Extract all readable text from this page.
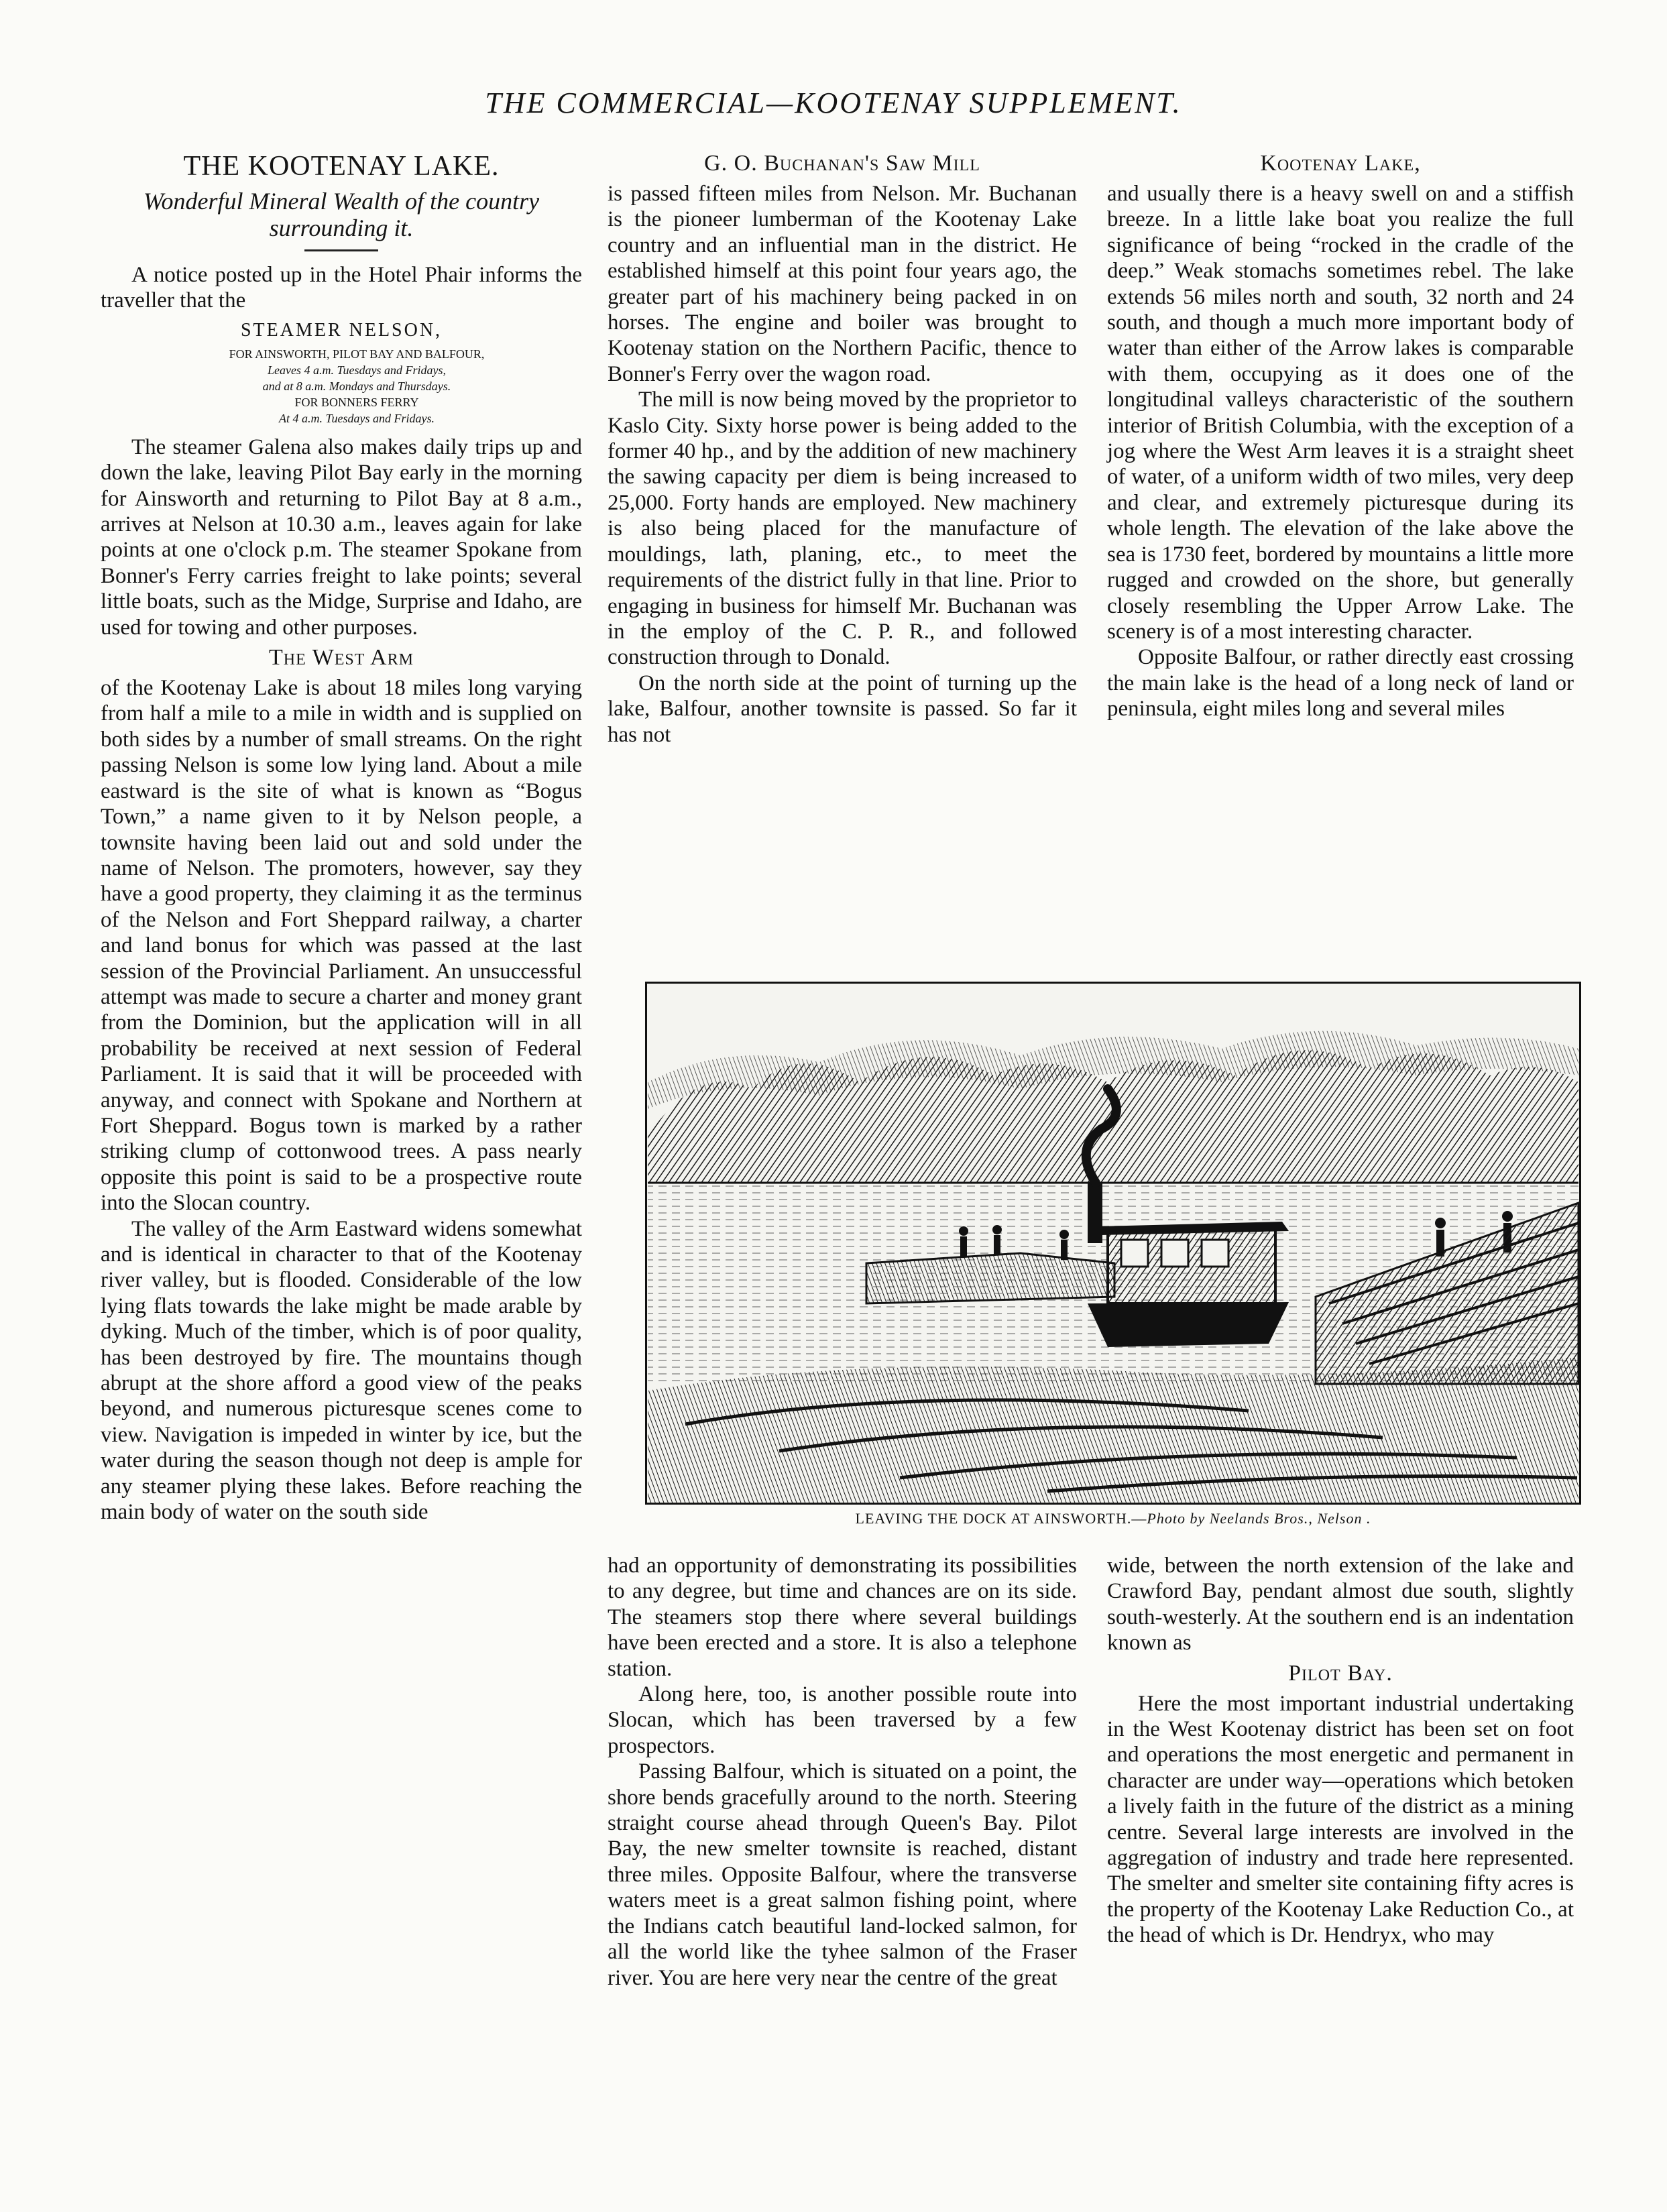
THE COMMERCIAL—KOOTENAY SUPPLEMENT.
THE KOOTENAY LAKE.
Wonderful Mineral Wealth of the country surrounding it.

A notice posted up in the Hotel Phair informs the traveller that the

STEAMER NELSON,

FOR AINSWORTH, PILOT BAY AND BALFOUR,

Leaves 4 a.m. Tuesdays and Fridays,

and at 8 a.m. Mondays and Thursdays.

FOR BONNERS FERRY

At 4 a.m. Tuesdays and Fridays.

The steamer Galena also makes daily trips up and down the lake, leaving Pilot Bay early in the morning for Ainsworth and returning to Pilot Bay at 8 a.m., arrives at Nelson at 10.30 a.m., leaves again for lake points at one o'clock p.m. The steamer Spokane from Bonner's Ferry carries freight to lake points; several little boats, such as the Midge, Surprise and Idaho, are used for towing and other purposes.

The West Arm

of the Kootenay Lake is about 18 miles long varying from half a mile to a mile in width and is supplied on both sides by a number of small streams. On the right passing Nelson is some low lying land. About a mile eastward is the site of what is known as “Bogus Town,” a name given to it by Nelson people, a townsite having been laid out and sold under the name of Nelson. The promoters, however, say they have a good property, they claiming it as the terminus of the Nelson and Fort Sheppard railway, a charter and land bonus for which was passed at the last session of the Provincial Parliament. An unsuccessful attempt was made to secure a charter and money grant from the Dominion, but the application will in all probability be received at next session of Federal Parliament. It is said that it will be proceeded with anyway, and connect with Spokane and Northern at Fort Sheppard. Bogus town is marked by a rather striking clump of cottonwood trees. A pass nearly opposite this point is said to be a prospective route into the Slocan country.

The valley of the Arm Eastward widens somewhat and is identical in character to that of the Kootenay river valley, but is flooded. Considerable of the low lying flats towards the lake might be made arable by dyking. Much of the timber, which is of poor quality, has been destroyed by fire. The mountains though abrupt at the shore afford a good view of the peaks beyond, and numerous picturesque scenes come to view. Navigation is impeded in winter by ice, but the water during the season though not deep is ample for any steamer plying these lakes. Before reaching the main body of water on the south side

G. O. Buchanan's Saw Mill

is passed fifteen miles from Nelson. Mr. Buchanan is the pioneer lumberman of the Kootenay Lake country and an influential man in the district. He established himself at this point four years ago, the greater part of his machinery being packed in on horses. The engine and boiler was brought to Kootenay station on the Northern Pacific, thence to Bonner's Ferry over the wagon road.

The mill is now being moved by the proprietor to Kaslo City. Sixty horse power is being added to the former 40 hp., and by the addition of new machinery the sawing capacity per diem is being increased to 25,000. Forty hands are employed. New machinery is also being placed for the manufacture of mouldings, lath, planing, etc., to meet the requirements of the district fully in that line. Prior to engaging in business for himself Mr. Buchanan was in the employ of the C. P. R., and followed construction through to Donald.

On the north side at the point of turning up the lake, Balfour, another townsite is passed. So far it has not

Kootenay Lake,

and usually there is a heavy swell on and a stiffish breeze. In a little lake boat you realize the full significance of being “rocked in the cradle of the deep.” Weak stomachs sometimes rebel. The lake extends 56 miles north and south, 32 north and 24 south, and though a much more important body of water than either of the Arrow lakes is comparable with them, occupying as it does one of the longitudinal valleys characteristic of the southern interior of British Columbia, with the exception of a jog where the West Arm leaves it is a straight sheet of water, of a uniform width of two miles, very deep and clear, and extremely picturesque during its whole length. The elevation of the lake above the sea is 1730 feet, bordered by mountains a little more rugged and crowded on the shore, but generally closely resembling the Upper Arrow Lake. The scenery is of a most interesting character.

Opposite Balfour, or rather directly east crossing the main lake is the head of a long neck of land or peninsula, eight miles long and several miles

LEAVING THE DOCK AT AINSWORTH.—Photo by Neelands Bros., Nelson .

had an opportunity of demonstrating its possibilities to any degree, but time and chances are on its side. The steamers stop there where several buildings have been erected and a store. It is also a telephone station.

Along here, too, is another possible route into Slocan, which has been traversed by a few prospectors.

Passing Balfour, which is situated on a point, the shore bends gracefully around to the north. Steering straight course ahead through Queen's Bay. Pilot Bay, the new smelter townsite is reached, distant three miles. Opposite Balfour, where the transverse waters meet is a great salmon fishing point, where the Indians catch beautiful land-locked salmon, for all the world like the tyhee salmon of the Fraser river. You are here very near the centre of the great

wide, between the north extension of the lake and Crawford Bay, pendant almost due south, slightly south-westerly. At the southern end is an indentation known as

Pilot Bay.

Here the most important industrial undertaking in the West Kootenay district has been set on foot and operations the most energetic and permanent in character are under way—operations which betoken a lively faith in the future of the district as a mining centre. Several large interests are involved in the aggregation of industry and trade here represented. The smelter and smelter site containing fifty acres is the property of the Kootenay Lake Reduction Co., at the head of which is Dr. Hendryx, who may
